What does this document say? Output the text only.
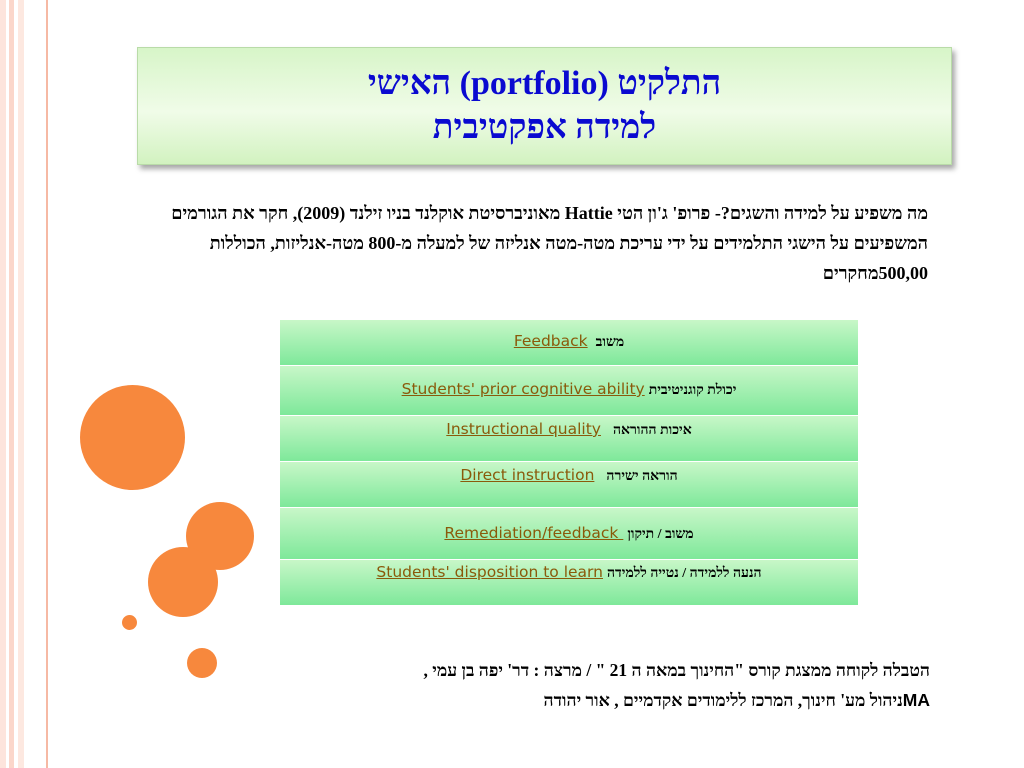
התלקיט (portfolio) האישי
למידה אפקטיבית
מה משפיע על למידה והשגים?- פרופ' ג'ון הטי Hattie מאוניברסיטת אוקלנד בניו זילנד (2009), חקר את הגורמים המשפיעים על הישגי התלמידים על ידי עריכת מטה-מטה אנליזה של למעלה מ-800 מטה-אנליזות, הכוללות 500,00מחקרים
Feedback משוב
Students' prior cognitive ability יכולת קוגניטיבית
Instructional quality איכות ההוראה
Direct instruction הוראה ישירה
Remediation/feedback  משוב / תיקון
Students' disposition to learn הנעה ללמידה / נטייה ללמידה
הטבלה לקוחה ממצגת קורס "החינוך במאה ה 21 " / מרצה : דר' יפה בן עמי ,
MAניהול מע' חינוך, המרכז ללימודים אקדמיים , אור יהודה
